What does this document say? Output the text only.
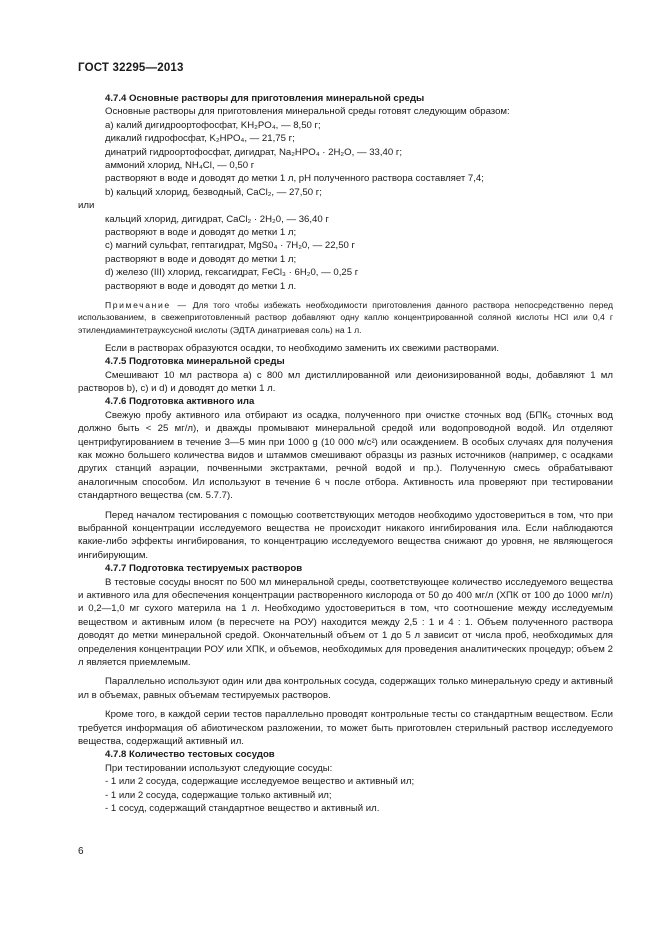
ГОСТ 32295—2013
4.7.4 Основные растворы для приготовления минеральной среды
Основные растворы для приготовления минеральной среды готовят следующим образом:
а) калий дигидроортофосфат, KH₂PO₄, — 8,50 г;
дикалий гидрофосфат, K₂HPO₄, — 21,75 г;
динатрий гидроортофосфат, дигидрат, Na₂HPO₄ · 2H₂O, — 33,40 г;
аммоний хлорид, NH₄Cl, — 0,50 г
растворяют в воде и доводят до метки 1 л, pH полученного раствора составляет 7,4;
b) кальций хлорид, безводный, CaCl₂, — 27,50 г;
или
кальций хлорид, дигидрат, CaCl₂ · 2H₂0, — 36,40 г
растворяют в воде и доводят до метки 1 л;
с) магний сульфат, гептагидрат, MgS0₄ · 7H₂0, — 22,50 г
растворяют в воде и доводят до метки 1 л;
d) железо (III) хлорид, гексагидрат, FeCl₃ · 6H₂0, — 0,25 г
растворяют в воде и доводят до метки 1 л.
Примечание — Для того чтобы избежать необходимости приготовления данного раствора непосредственно перед использованием, в свежеприготовленный раствор добавляют одну каплю концентрированной соляной кислоты HCl или 0,4 г этилендиаминтетрауксусной кислоты (ЭДТА динатриевая соль) на 1 л.
Если в растворах образуются осадки, то необходимо заменить их свежими растворами.
4.7.5 Подготовка минеральной среды
Смешивают 10 мл раствора а) с 800 мл дистиллированной или деионизированной воды, добавляют 1 мл растворов b), с) и d) и доводят до метки 1 л.
4.7.6 Подготовка активного ила
Свежую пробу активного ила отбирают из осадка, полученного при очистке сточных вод (БПК₅ сточных вод должно быть < 25 мг/л), и дважды промывают минеральной средой или водопроводной водой. Ил отделяют центрифугированием в течение 3—5 мин при 1000 g (10 000 м/с²) или осаждением. В особых случаях для получения как можно большего количества видов и штаммов смешивают образцы из разных источников (например, с осадками других станций аэрации, почвенными экстрактами, речной водой и пр.). Полученную смесь обрабатывают аналогичным способом. Ил используют в течение 6 ч после отбора. Активность ила проверяют при тестировании стандартного вещества (см. 5.7.7).
Перед началом тестирования с помощью соответствующих методов необходимо удостовериться в том, что при выбранной концентрации исследуемого вещества не происходит никакого ингибирования ила. Если наблюдаются какие-либо эффекты ингибирования, то концентрацию исследуемого вещества снижают до уровня, не являющегося ингибирующим.
4.7.7 Подготовка тестируемых растворов
В тестовые сосуды вносят по 500 мл минеральной среды, соответствующее количество исследуемого вещества и активного ила для обеспечения концентрации растворенного кислорода от 50 до 400 мг/л (ХПК от 100 до 1000 мг/л) и 0,2—1,0 мг сухого материла на 1 л. Необходимо удостовериться в том, что соотношение между исследуемым веществом и активным илом (в пересчете на РОУ) находится между 2,5 : 1 и 4 : 1. Объем полученного раствора доводят до метки минеральной средой. Окончательный объем от 1 до 5 л зависит от числа проб, необходимых для определения концентрации РОУ или ХПК, и объемов, необходимых для проведения аналитических процедур; объем 2 л является приемлемым.
Параллельно используют один или два контрольных сосуда, содержащих только минеральную среду и активный ил в объемах, равных объемам тестируемых растворов.
Кроме того, в каждой серии тестов параллельно проводят контрольные тесты со стандартным веществом. Если требуется информация об абиотическом разложении, то может быть приготовлен стерильный раствор исследуемого вещества, содержащий активный ил.
4.7.8 Количество тестовых сосудов
При тестировании используют следующие сосуды:
- 1 или 2 сосуда, содержащие исследуемое вещество и активный ил;
- 1 или 2 сосуда, содержащие только активный ил;
- 1 сосуд, содержащий стандартное вещество и активный ил.
6
